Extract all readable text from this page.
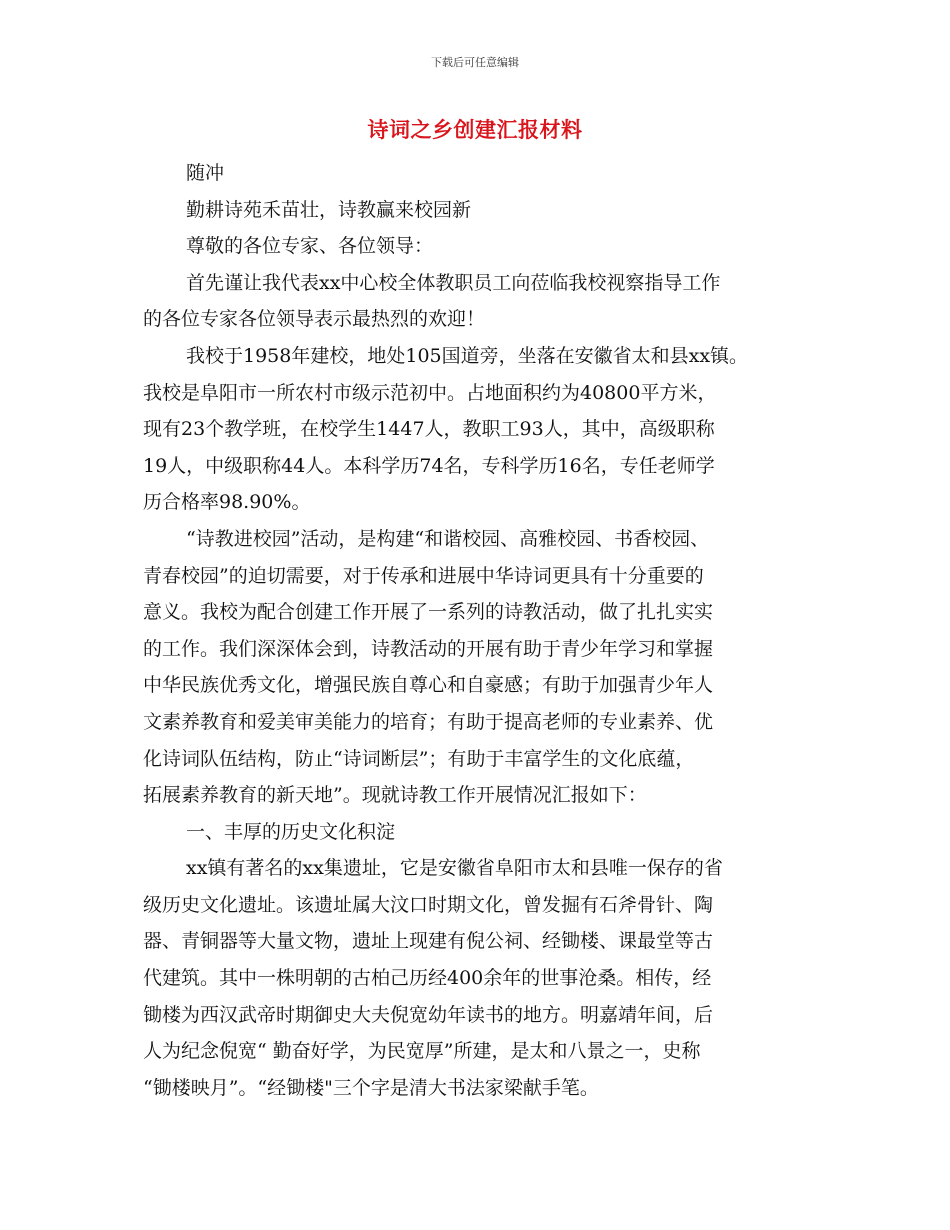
下载后可任意编辑
诗词之乡创建汇报材料
随冲
勤耕诗苑禾苗壮，诗教赢来校园新
尊敬的各位专家、各位领导：
首先谨让我代表xx中心校全体教职员工向莅临我校视察指导工作
的各位专家各位领导表示最热烈的欢迎！
我校于1958年建校，地处105国道旁，坐落在安徽省太和县xx镇。
我校是阜阳市一所农村市级示范初中。占地面积约为40800平方米，
现有23个教学班，在校学生1447人，教职工93人，其中，高级职称
19人，中级职称44人。本科学历74名，专科学历16名，专任老师学
历合格率98.90%。
“诗教进校园”活动，是构建“和谐校园、高雅校园、书香校园、
青春校园”的迫切需要，对于传承和进展中华诗词更具有十分重要的
意义。我校为配合创建工作开展了一系列的诗教活动，做了扎扎实实
的工作。我们深深体会到，诗教活动的开展有助于青少年学习和掌握
中华民族优秀文化，增强民族自尊心和自豪感；有助于加强青少年人
文素养教育和爱美审美能力的培育；有助于提高老师的专业素养、优
化诗词队伍结构，防止“诗词断层”；有助于丰富学生的文化底蕴，
拓展素养教育的新天地”。现就诗教工作开展情况汇报如下：
一、丰厚的历史文化积淀
xx镇有著名的xx集遗址，它是安徽省阜阳市太和县唯一保存的省
级历史文化遗址。该遗址属大汶口时期文化，曾发掘有石斧骨针、陶
器、青铜器等大量文物，遗址上现建有倪公祠、经锄楼、课最堂等古
代建筑。其中一株明朝的古柏己历经400余年的世事沧桑。相传，经
锄楼为西汉武帝时期御史大夫倪宽幼年读书的地方。明嘉靖年间，后
人为纪念倪宽“ 勤奋好学，为民宽厚”所建，是太和八景之一，史称
“锄楼映月”。“经锄楼"三个字是清大书法家梁献手笔。
